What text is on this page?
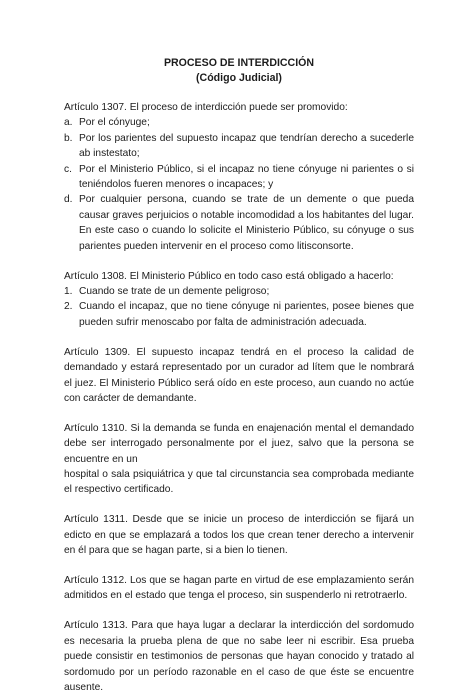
PROCESO DE INTERDICCIÓN
(Código Judicial)
Artículo 1307. El proceso de interdicción puede ser promovido:
a. Por el cónyuge;
b. Por los parientes del supuesto incapaz que tendrían derecho a sucederle ab instestato;
c. Por el Ministerio Público, si el incapaz no tiene cónyuge ni parientes o si teniéndolos fueren menores o incapaces; y
d. Por cualquier persona, cuando se trate de un demente o que pueda causar graves perjuicios o notable incomodidad a los habitantes del lugar. En este caso o cuando lo solicite el Ministerio Público, su cónyuge o sus parientes pueden intervenir en el proceso como litisconsorte.
Artículo 1308. El Ministerio Público en todo caso está obligado a hacerlo:
1. Cuando se trate de un demente peligroso;
2. Cuando el incapaz, que no tiene cónyuge ni parientes, posee bienes que pueden sufrir menoscabo por falta de administración adecuada.

Artículo 1309. El supuesto incapaz tendrá en el proceso la calidad de demandado y estará representado por un curador ad lítem que le nombrará el juez. El Ministerio Público será oído en este proceso, aun cuando no actúe con carácter de demandante.

Artículo 1310. Si la demanda se funda en enajenación mental el demandado debe ser interrogado personalmente por el juez, salvo que la persona se encuentre en un

hospital o sala psiquiátrica y que tal circunstancia sea comprobada mediante el respectivo certificado.

Artículo 1311. Desde que se inicie un proceso de interdicción se fijará un edicto en que se emplazará a todos los que crean tener derecho a intervenir en él para que se hagan parte, si a bien lo tienen.

Artículo 1312. Los que se hagan parte en virtud de ese emplazamiento serán admitidos en el estado que tenga el proceso, sin suspenderlo ni retrotraerlo.

Artículo 1313. Para que haya lugar a declarar la interdicción del sordomudo es necesaria la prueba plena de que no sabe leer ni escribir. Esa prueba puede consistir en testimonios de personas que hayan conocido y tratado al sordomudo por un período razonable en el caso de que éste se encuentre ausente.
